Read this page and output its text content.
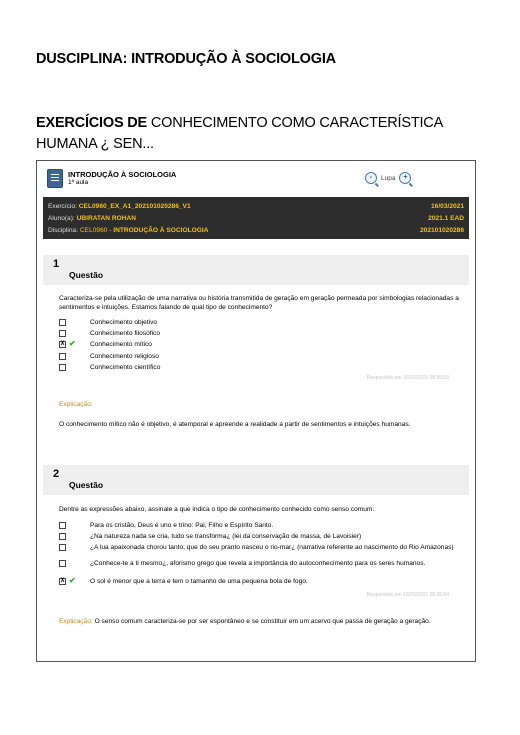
DUSCIPLINA: INTRODUÇÃO À SOCIOLOGIA
EXERCÍCIOS DE CONHECIMENTO COMO CARACTERÍSTICA HUMANA ¿ SEN...
INTRODUÇÃO À SOCIOLOGIA
1ª aula
-	Lupa	+
Exercício: CEL0960_EX_A1_202101020286_V1	16/03/2021
Aluno(a): UBIRATAN ROHAN	2021.1 EAD
Disciplina: CEL0960 - INTRODUÇÃO À SOCIOLOGIA	202101020286
1
Questão
Caracteriza-se pela utilização de uma narrativa ou história transmitida de geração em geração permeada por simbologias relacionadas a sentimentos e intuições. Estamos falando de qual tipo de conhecimento?
Conhecimento objetivo
Conhecimento filosófico
X ✔ Conhecimento mítico
Conhecimento religioso
Conhecimento científico
Respondido em 16/03/2021 08:35:58
Explicação:
O conhecimento mítico não é objetivo, é atemporal e apreende a realidade a partir de sentimentos e intuições humanas.
2
Questão
Dentre as expressões abaixo, assinale a que indica o tipo de conhecimento conhecido como senso comum:
Para os cristão, Deus é uno e trino: Pai, Filho e Espírito Santo.
¿Na natureza nada se cria, tudo se transforma¿ (lei da conservação de massa, de Lavoisier)
¿A lua apaixonada chorou tanto, que do seu pranto nasceu o rio-mar¿ (narrativa referente ao nascimento do Rio Amazonas)
¿Conhece-te a ti mesmo¿, aforismo grego que revela a importância do autoconhecimento para os seres humanos.
X ✔ O sol é menor que a terra e tem o tamanho de uma pequena bola de fogo.
Respondido em 16/03/2021 08:35:54
Explicação: O senso comum caracteriza-se por ser espontâneo e se constituir em um acervo que passa de geração a geração.
